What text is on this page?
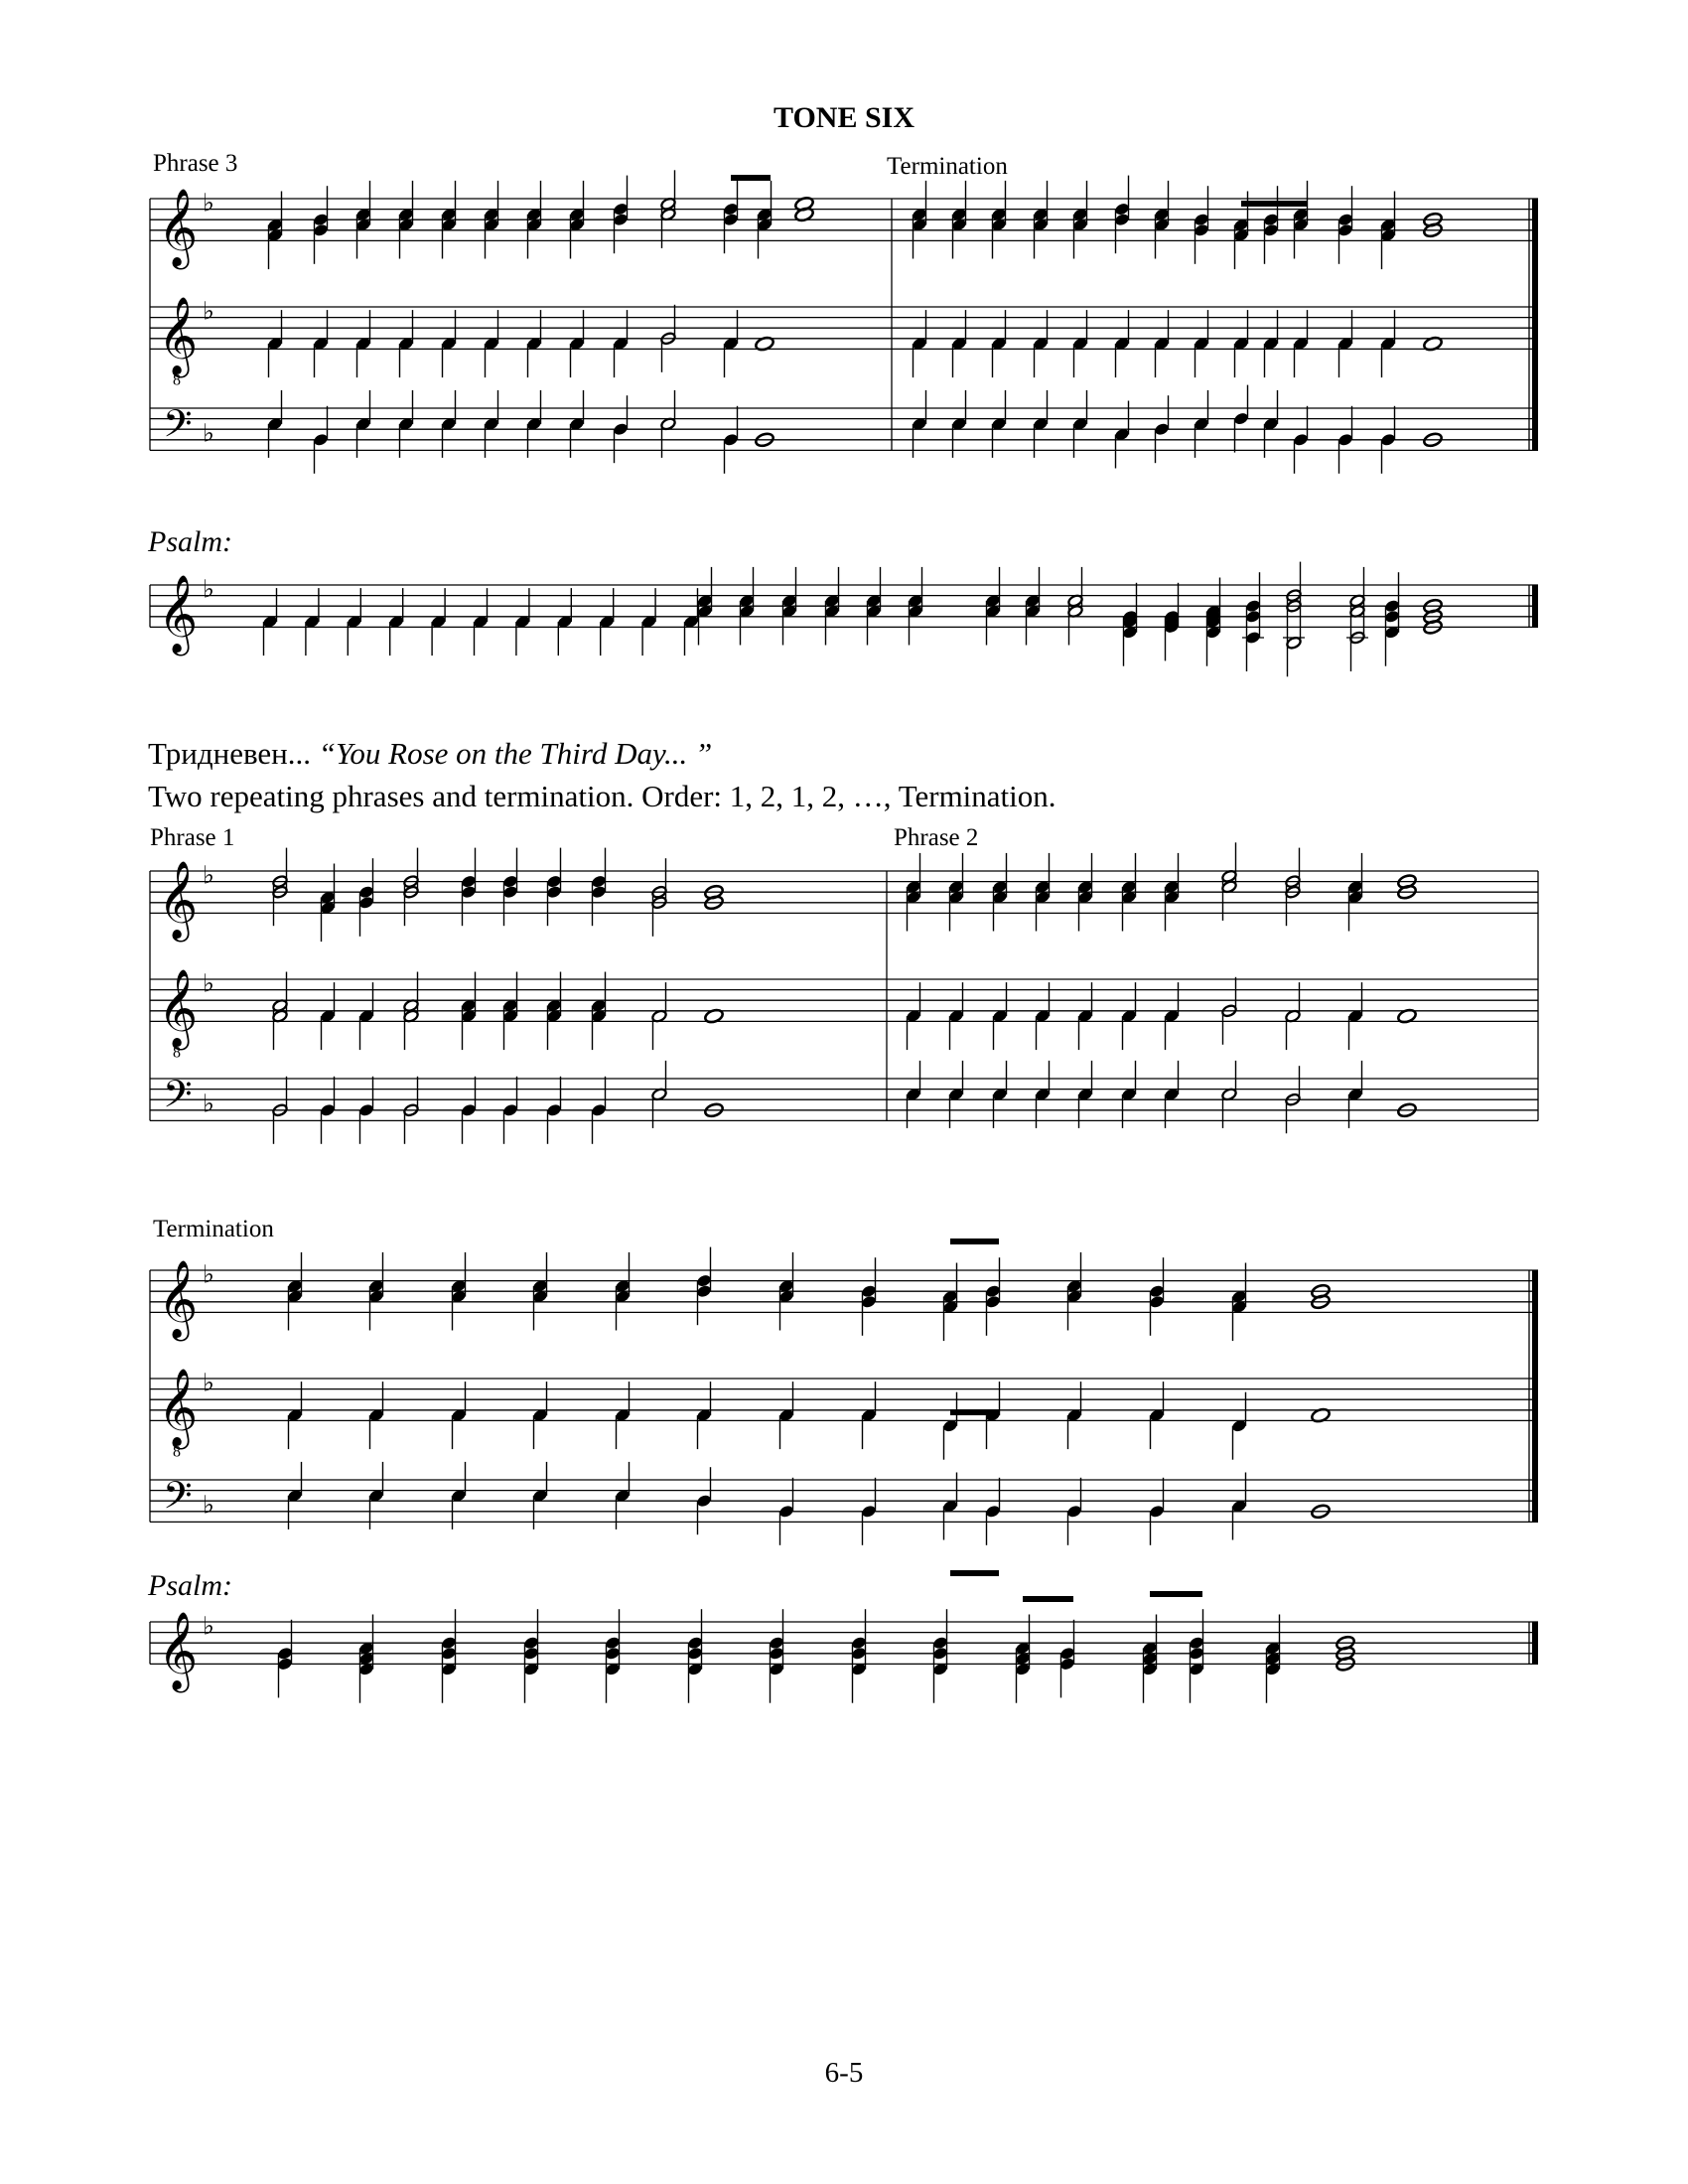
TONE SIX
Phrase 3	Termination
Psalm:
Тридневен... “You Rose on the Third Day... ”
Two repeating phrases and termination. Order: 1, 2, 1, 2, …, Termination.
Phrase 1	Phrase 2
Termination
Psalm:
𝄞 ♭
𝄞
8
♭
𝄢 ♭
𝄞 ♭
𝄞 ♭
𝄞
8
♭
𝄢 ♭
𝄞 ♭
𝄞
8
♭
𝄢 ♭
𝄞 ♭
6-5
